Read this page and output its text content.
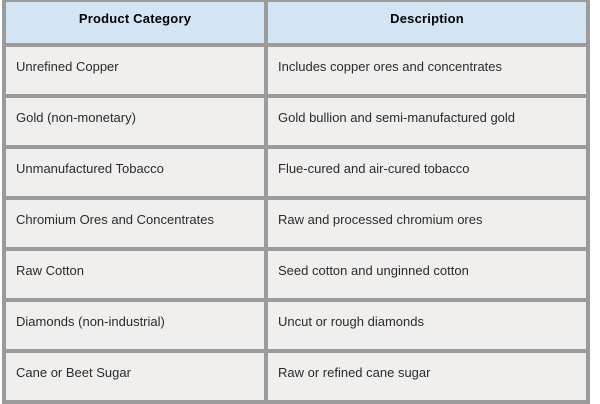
Product Category	Description
Unrefined Copper	Includes copper ores and concentrates
Gold (non-monetary)	Gold bullion and semi-manufactured gold
Unmanufactured Tobacco	Flue-cured and air-cured tobacco
Chromium Ores and Concentrates	Raw and processed chromium ores
Raw Cotton	Seed cotton and unginned cotton
Diamonds (non-industrial)	Uncut or rough diamonds
Cane or Beet Sugar	Raw or refined cane sugar
